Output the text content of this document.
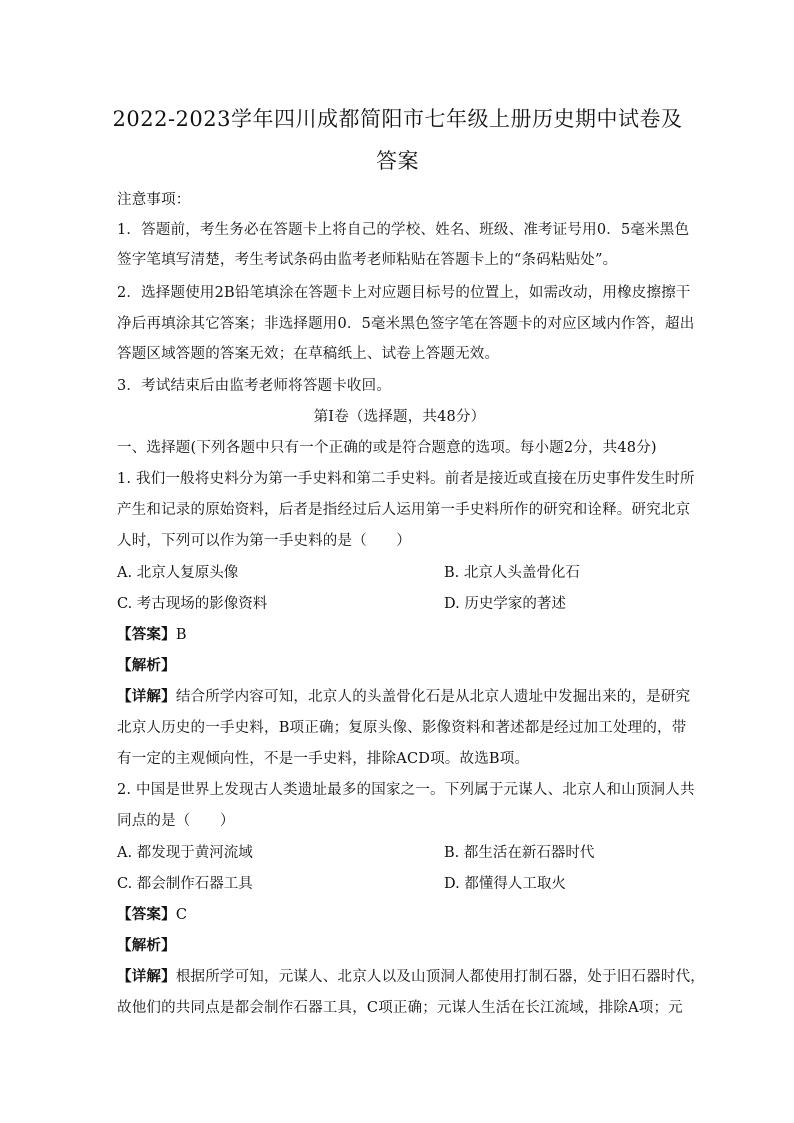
2022-2023学年四川成都简阳市七年级上册历史期中试卷及
答案
注意事项：
1．答题前，考生务必在答题卡上将自己的学校、姓名、班级、准考证号用0．5毫米黑色
签字笔填写清楚，考生考试条码由监考老师粘贴在答题卡上的“条码粘贴处”。
2．选择题使用2B铅笔填涂在答题卡上对应题目标号的位置上，如需改动，用橡皮擦擦干
净后再填涂其它答案；非选择题用0．5毫米黑色签字笔在答题卡的对应区域内作答，超出
答题区域答题的答案无效；在草稿纸上、试卷上答题无效。
3．考试结束后由监考老师将答题卡收回。
第Ⅰ卷（选择题，共48分）
一、选择题(下列各题中只有一个正确的或是符合题意的选项。每小题2分，共48分)
1. 我们一般将史料分为第一手史料和第二手史料。前者是接近或直接在历史事件发生时所
产生和记录的原始资料，后者是指经过后人运用第一手史料所作的研究和诠释。研究北京
人时，下列可以作为第一手史料的是（　　）
A. 北京人复原头像	B. 北京人头盖骨化石
C. 考古现场的影像资料	D. 历史学家的著述
【答案】B
【解析】
【详解】结合所学内容可知，北京人的头盖骨化石是从北京人遗址中发掘出来的，是研究
北京人历史的一手史料，B项正确；复原头像、影像资料和著述都是经过加工处理的，带
有一定的主观倾向性，不是一手史料，排除ACD项。故选B项。
2. 中国是世界上发现古人类遗址最多的国家之一。下列属于元谋人、北京人和山顶洞人共
同点的是（　　）
A. 都发现于黄河流域	B. 都生活在新石器时代
C. 都会制作石器工具	D. 都懂得人工取火
【答案】C
【解析】
【详解】根据所学可知，元谋人、北京人以及山顶洞人都使用打制石器，处于旧石器时代，
故他们的共同点是都会制作石器工具，C项正确；元谋人生活在长江流域，排除A项；元
